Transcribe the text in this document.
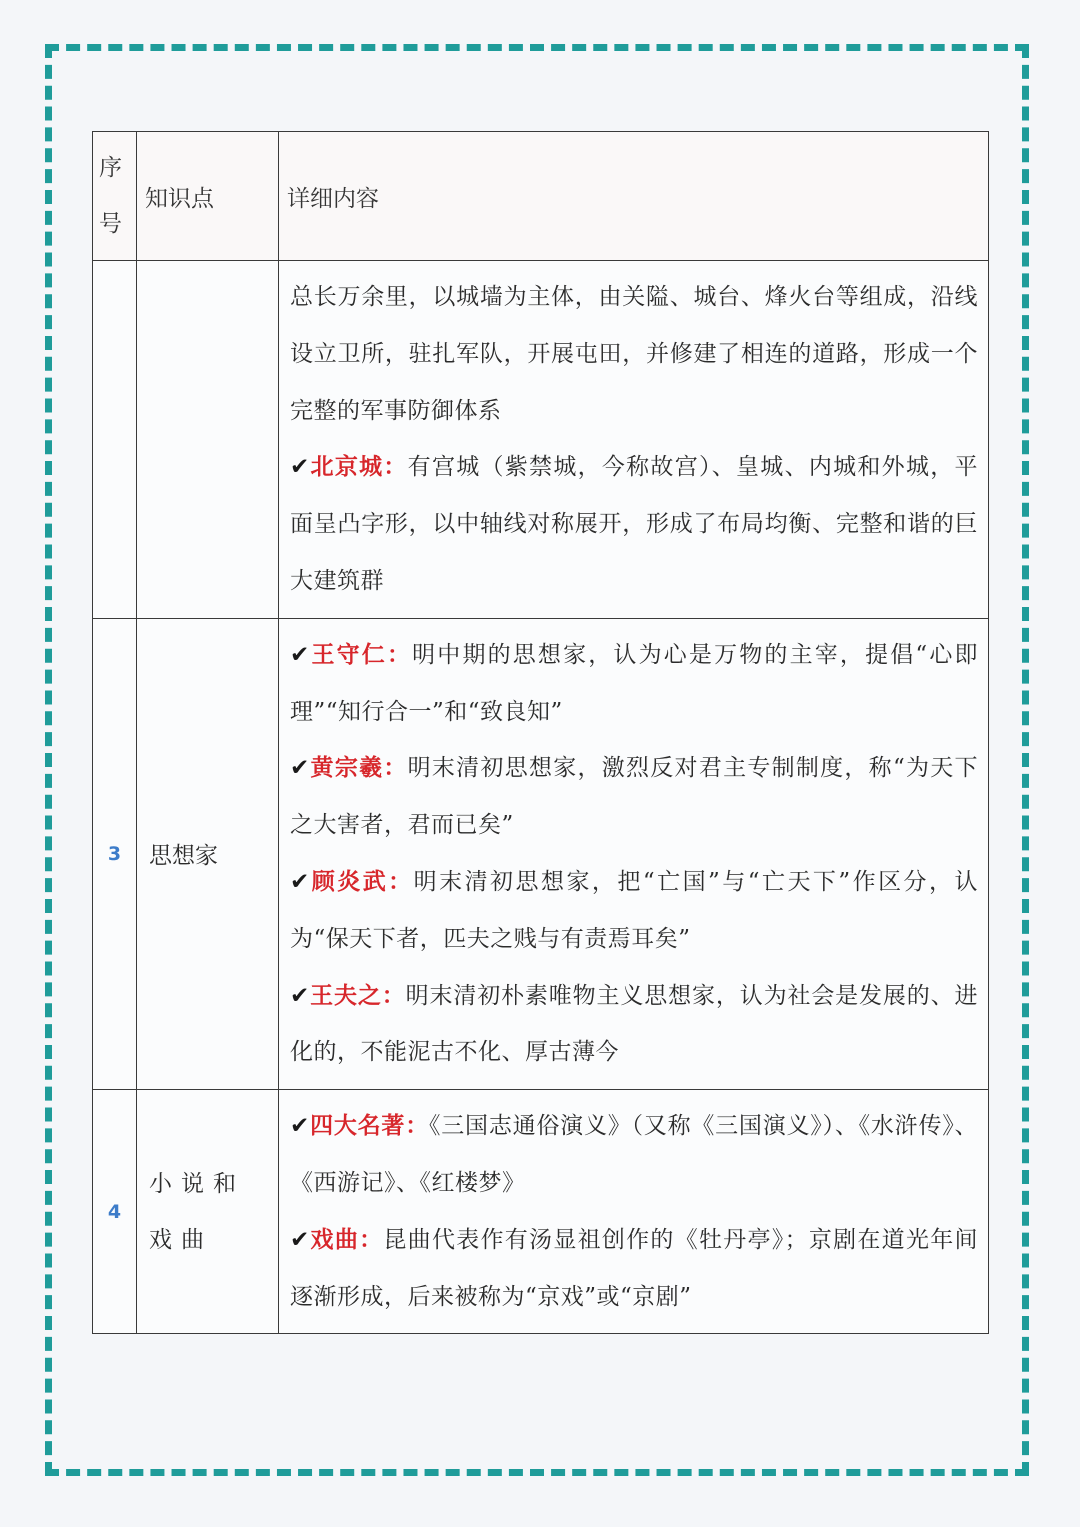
序
号	知识点	详细内容

		总长万余里，以城墙为主体，由关隘、城台、烽火台等组成，沿线设立卫所，驻扎军队，开展屯田，并修建了相连的道路，形成一个完整的军事防御体系
✔北京城：有宫城（紫禁城，今称故宫）、皇城、内城和外城，平面呈凸字形，以中轴线对称展开，形成了布局均衡、完整和谐的巨大建筑群

3	思想家	✔王守仁：明中期的思想家，认为心是万物的主宰，提倡“心即理”“知行合一”和“致良知”
✔黄宗羲：明末清初思想家，激烈反对君主专制制度，称“为天下之大害者，君而已矣”
✔顾炎武：明末清初思想家，把“亡国”与“亡天下”作区分，认为“保天下者，匹夫之贱与有责焉耳矣”
✔王夫之：明末清初朴素唯物主义思想家，认为社会是发展的、进化的，不能泥古不化、厚古薄今

4	小说和戏曲	✔四大名著：《三国志通俗演义》（又称《三国演义》）、《水浒传》、《西游记》、《红楼梦》
✔戏曲：昆曲代表作有汤显祖创作的《牡丹亭》；京剧在道光年间逐渐形成，后来被称为“京戏”或“京剧”
